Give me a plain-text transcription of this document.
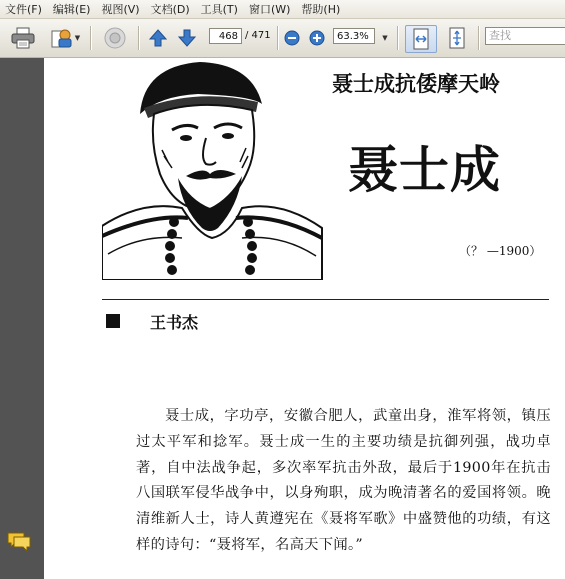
文件(F)	编辑(E)	视图(V)	文档(D)	工具(T)	窗口(W)	帮助(H)
▼	▼
468 / 471	63.3%	查找
聂士成抗倭摩天岭
聂士成
（？ —1900）
王书杰
聂士成，字功亭，安徽合肥人，武童出身，淮军将领，镇压过太平军和捻军。聂士成一生的主要功绩是抗御列强，战功卓著，自中法战争起，多次率军抗击外敌，最后于1900年在抗击八国联军侵华战争中，以身殉职，成为晚清著名的爱国将领。晚清维新人士，诗人黄遵宪在《聂将军歌》中盛赞他的功绩，有这样的诗句：“聂将军，名高天下闻。”
